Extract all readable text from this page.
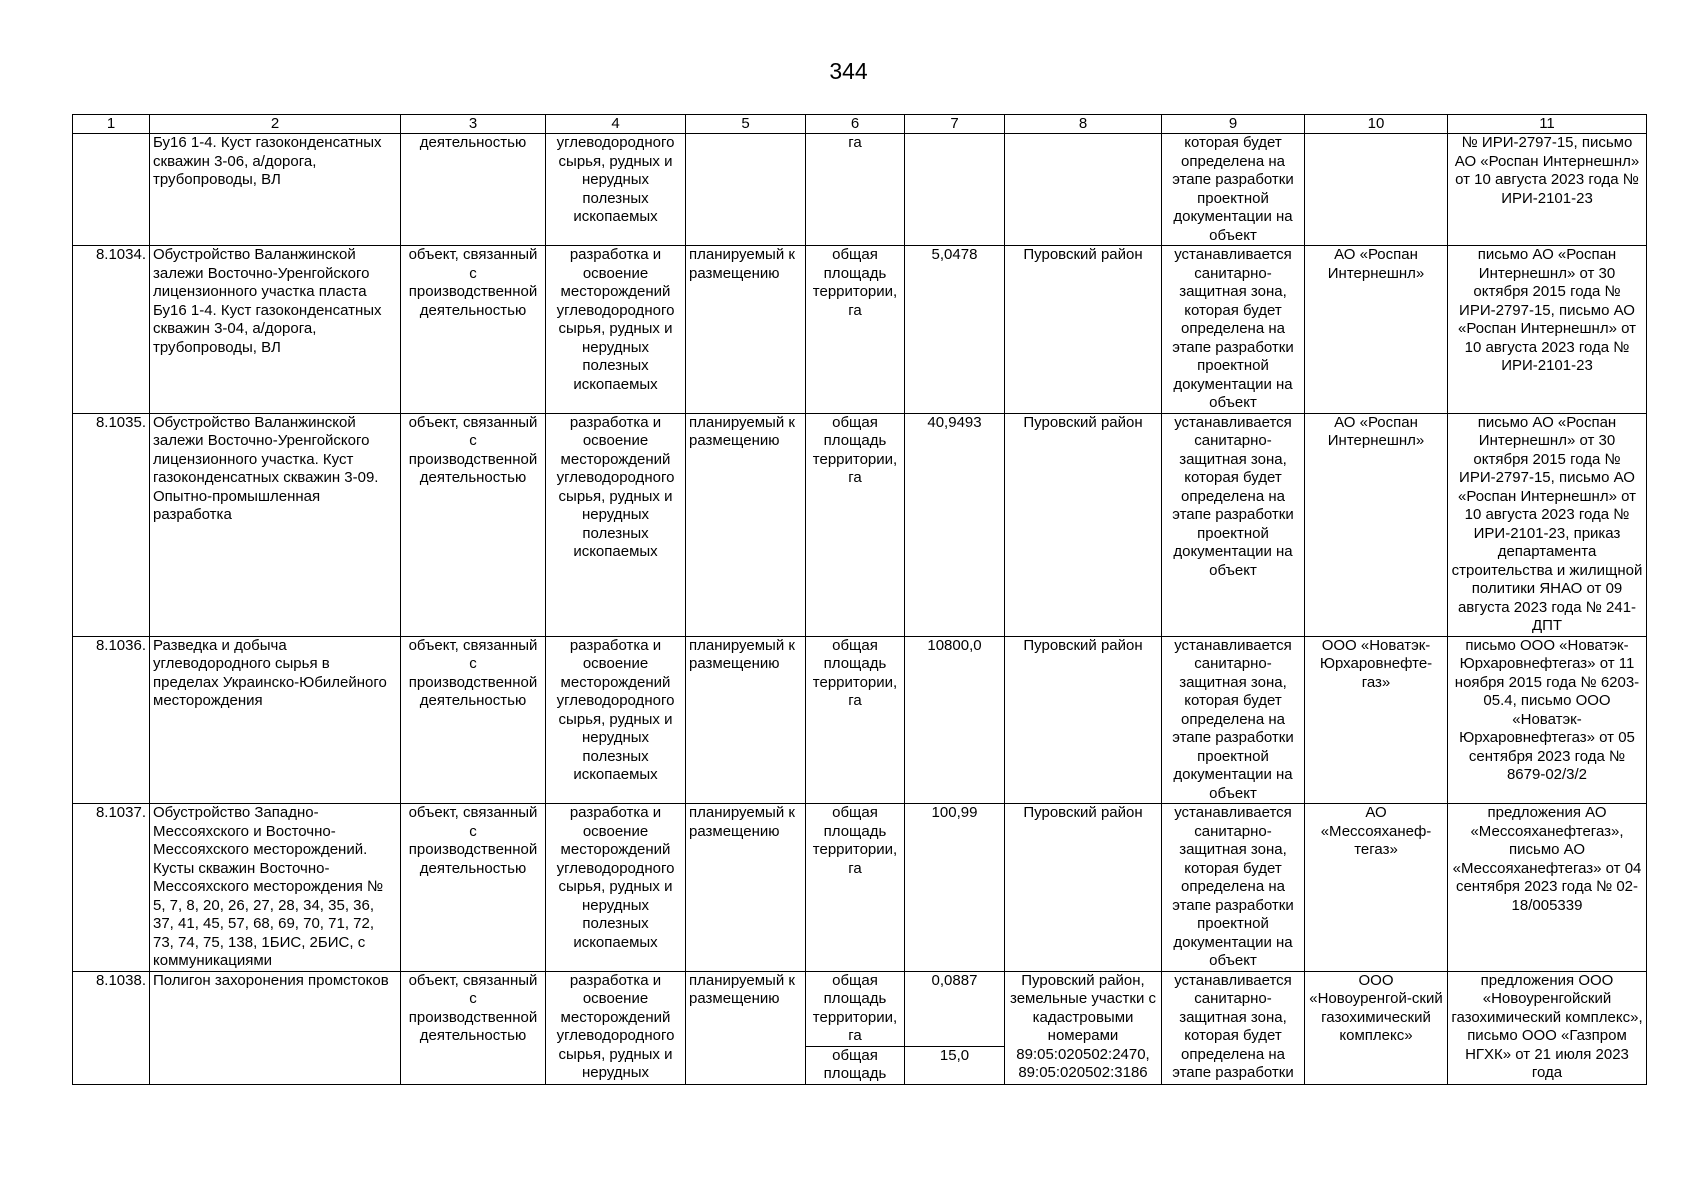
344
1	2	3	4	5	6	7	8	9	10	11
	Бу16 1-4. Куст газоконденсатных скважин 3-06, а/дорога, трубопроводы, ВЛ	деятельностью	углеводородного сырья, рудных и нерудных полезных ископаемых		га			которая будет определена на этапе разработки проектной документации на объект		№ ИРИ-2797-15, письмо АО «Роспан Интернешнл» от 10 августа 2023 года № ИРИ-2101-23
8.1034.	Обустройство Валанжинской залежи Восточно-Уренгойского лицензионного участка пласта Бу16 1-4. Куст газоконденсатных скважин 3-04, а/дорога, трубопроводы, ВЛ	объект, связанный с производственной деятельностью	разработка и освоение месторождений углеводородного сырья, рудных и нерудных полезных ископаемых	планируемый к размещению	общая площадь территории, га	5,0478	Пуровский район	устанавливается санитарно-защитная зона, которая будет определена на этапе разработки проектной документации на объект	АО «Роспан Интернешнл»	письмо АО «Роспан Интернешнл» от 30 октября 2015 года № ИРИ-2797-15, письмо АО «Роспан Интернешнл» от 10 августа 2023 года № ИРИ-2101-23
8.1035.	Обустройство Валанжинской залежи Восточно-Уренгойского лицензионного участка. Куст газоконденсатных скважин 3-09. Опытно-промышленная разработка	объект, связанный с производственной деятельностью	разработка и освоение месторождений углеводородного сырья, рудных и нерудных полезных ископаемых	планируемый к размещению	общая площадь территории, га	40,9493	Пуровский район	устанавливается санитарно-защитная зона, которая будет определена на этапе разработки проектной документации на объект	АО «Роспан Интернешнл»	письмо АО «Роспан Интернешнл» от 30 октября 2015 года № ИРИ-2797-15, письмо АО «Роспан Интернешнл» от 10 августа 2023 года № ИРИ-2101-23, приказ департамента строительства и жилищной политики ЯНАО от 09 августа 2023 года № 241-ДПТ
8.1036.	Разведка и добыча углеводородного сырья в пределах Украинско-Юбилейного месторождения	объект, связанный с производственной деятельностью	разработка и освоение месторождений углеводородного сырья, рудных и нерудных полезных ископаемых	планируемый к размещению	общая площадь территории, га	10800,0	Пуровский район	устанавливается санитарно-защитная зона, которая будет определена на этапе разработки проектной документации на объект	ООО «Новатэк-Юрхаровнефте-газ»	письмо ООО «Новатэк-Юрхаровнефтегаз» от 11 ноября 2015 года № 6203-05.4, письмо ООО «Новатэк-Юрхаровнефтегаз» от 05 сентября 2023 года № 8679-02/3/2
8.1037.	Обустройство Западно-Мессояхского и Восточно-Мессояхского месторождений. Кусты скважин Восточно-Мессояхского месторождения № 5, 7, 8, 20, 26, 27, 28, 34, 35, 36, 37, 41, 45, 57, 68, 69, 70, 71, 72, 73, 74, 75, 138, 1БИС, 2БИС, с коммуникациями	объект, связанный с производственной деятельностью	разработка и освоение месторождений углеводородного сырья, рудных и нерудных полезных ископаемых	планируемый к размещению	общая площадь территории, га	100,99	Пуровский район	устанавливается санитарно-защитная зона, которая будет определена на этапе разработки проектной документации на объект	АО «Мессояханеф-тегаз»	предложения АО «Мессояханефтегаз», письмо АО «Мессояханефтегаз» от 04 сентября 2023 года № 02-18/005339
8.1038.	Полигон захоронения промстоков	объект, связанный с производственной деятельностью	разработка и освоение месторождений углеводородного сырья, рудных и нерудных	планируемый к размещению	общая площадь территории, га	0,0887	Пуровский район, земельные участки с кадастровыми номерами 89:05:020502:2470, 89:05:020502:3186	устанавливается санитарно-защитная зона, которая будет определена на этапе разработки	ООО «Новоуренгой-ский газохимический комплекс»	предложения ООО «Новоуренгойский газохимический комплекс», письмо ООО «Газпром НГХК» от 21 июля 2023 года
					общая площадь	15,0				
